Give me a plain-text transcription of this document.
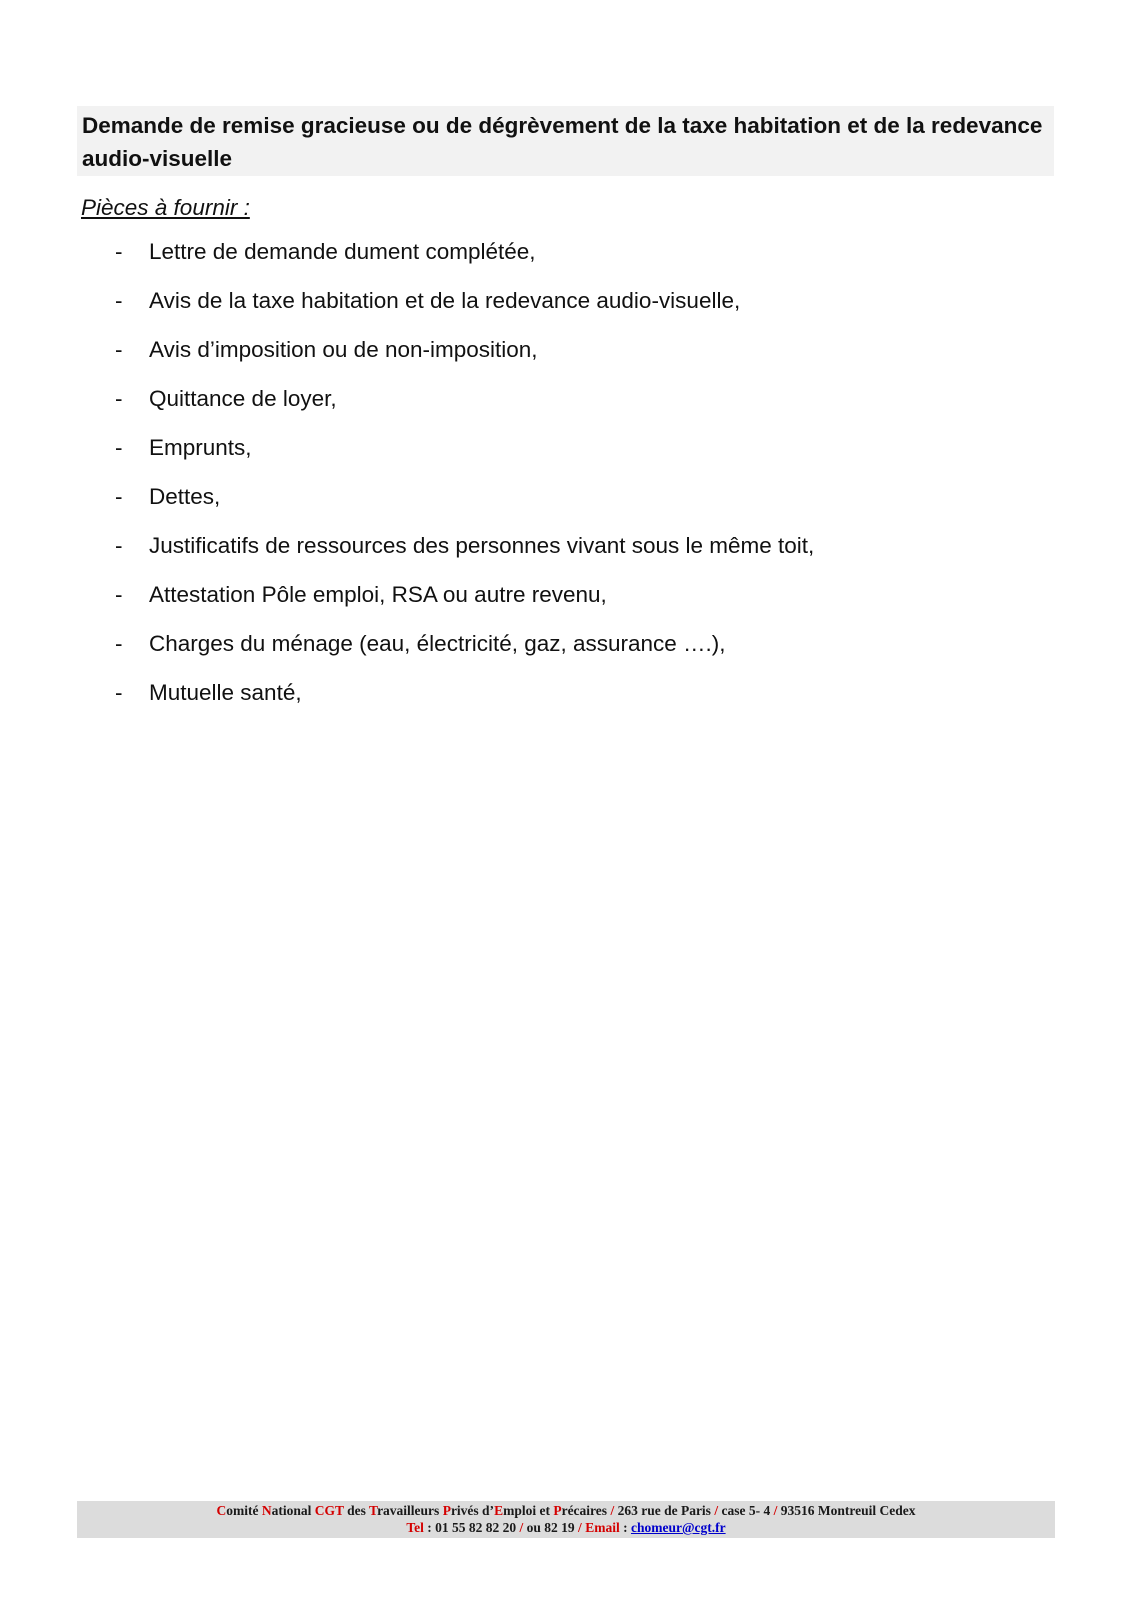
Demande de remise gracieuse ou de dégrèvement de la taxe habitation et de la redevance audio-visuelle

Pièces à fournir :

- Lettre de demande dument complétée,
- Avis de la taxe habitation et de la redevance audio-visuelle,
- Avis d’imposition ou de non-imposition,
- Quittance de loyer,
- Emprunts,
- Dettes,
- Justificatifs de ressources des personnes vivant sous le même toit,
- Attestation Pôle emploi, RSA ou autre revenu,
- Charges du ménage (eau, électricité, gaz, assurance ….),
- Mutuelle santé,
Comité National CGT des Travailleurs Privés d’Emploi et Précaires / 263 rue de Paris / case 5- 4 / 93516 Montreuil Cedex
Tel : 01 55 82 82 20 / ou 82 19 / Email : chomeur@cgt.fr
